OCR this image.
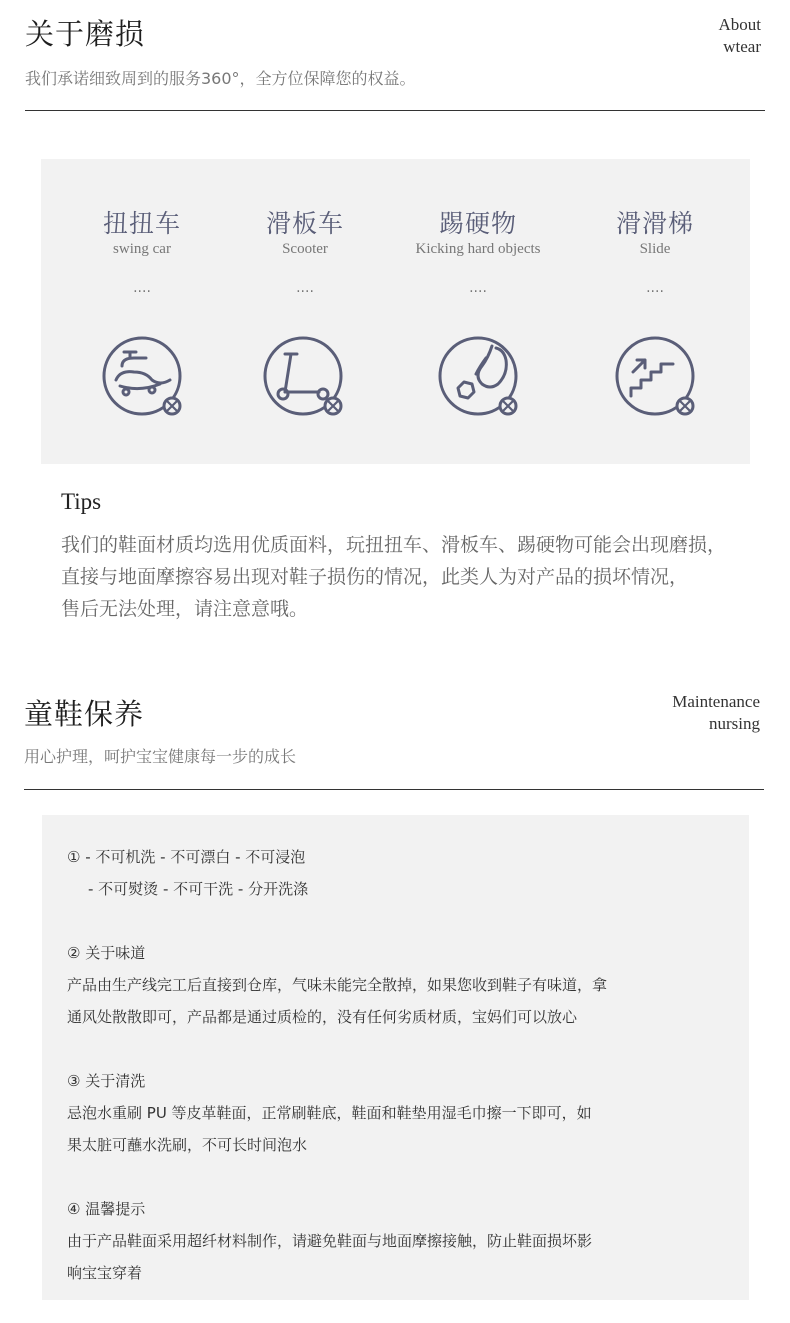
关于磨损	About
wtear
我们承诺细致周到的服务360°，全方位保障您的权益。
扭扭车
swing car
....
滑板车
Scooter
....
踢硬物
Kicking hard objects
....
滑滑梯
Slide
....
Tips
我们的鞋面材质均选用优质面料，玩扭扭车、滑板车、踢硬物可能会出现磨损，
直接与地面摩擦容易出现对鞋子损伤的情况，此类人为对产品的损坏情况，
售后无法处理，请注意意哦。
童鞋保养	Maintenance
nursing
用心护理，呵护宝宝健康每一步的成长
① - 不可机洗 - 不可漂白 - 不可浸泡
- 不可熨烫 - 不可干洗 - 分开洗涤
② 关于味道
产品由生产线完工后直接到仓库，气味未能完全散掉，如果您收到鞋子有味道，拿
通风处散散即可，产品都是通过质检的，没有任何劣质材质，宝妈们可以放心
③ 关于清洗
忌泡水重刷 PU 等皮革鞋面，正常刷鞋底，鞋面和鞋垫用湿毛巾擦一下即可，如
果太脏可蘸水洗刷，不可长时间泡水
④ 温馨提示
由于产品鞋面采用超纤材料制作，请避免鞋面与地面摩擦接触，防止鞋面损坏影
响宝宝穿着
